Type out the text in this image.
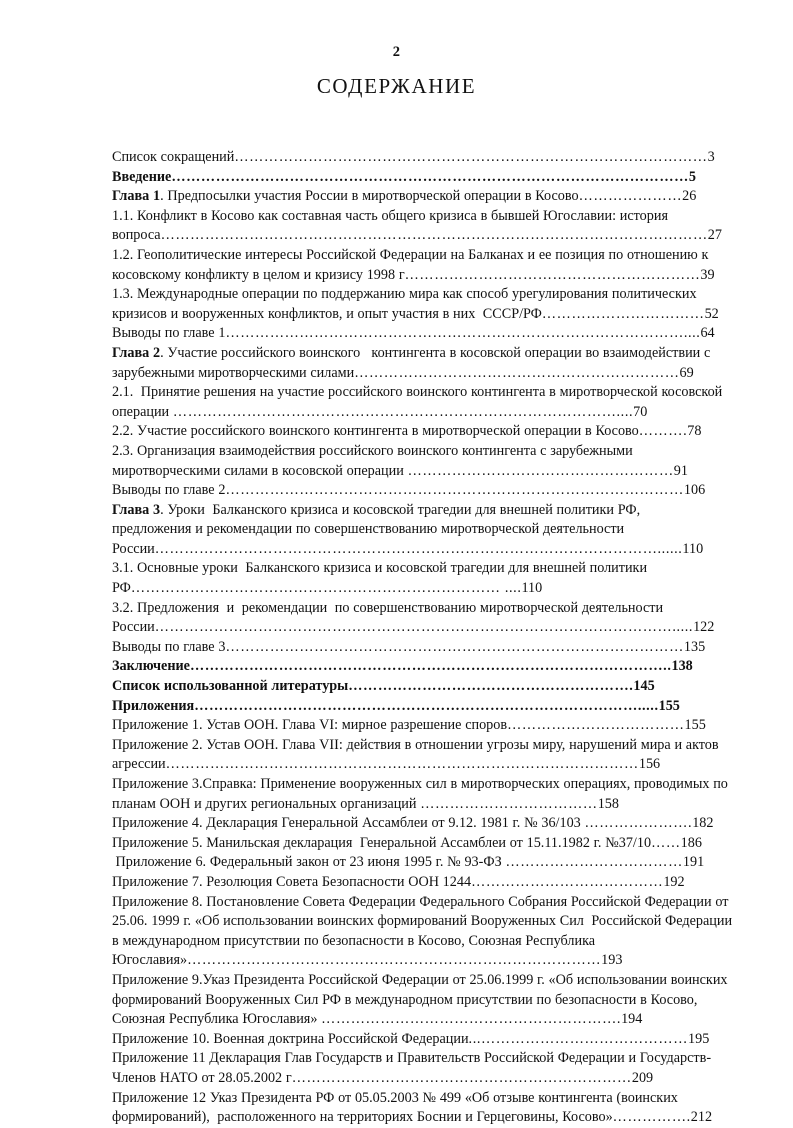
2
СОДЕРЖАНИЕ

Список сокращений……………………………………………………………………………………3

Введение……………………………………………………………………………………………5

Глава 1. Предпосылки участия России в миротворческой операции в Косово…………………26

1.1. Конфликт в Косово как составная часть общего кризиса в бывшей Югославии: история вопроса…………………………………………………………………………………………………27

1.2. Геополитические интересы Российской Федерации на Балканах и ее позиция по отношению к косовскому конфликту в целом и кризису 1998 г……………………………………………………39

1.3. Международные операции по поддержанию мира как способ урегулирования политических кризисов и вооруженных конфликтов, и опыт участия в них  СССР/РФ……………………………52

Выводы по главе 1…………………………………………………………………………………....64

Глава 2. Участие российского воинского   контингента в косовской операции во взаимодействии с зарубежными миротворческими силами…………………………………………………………69

2.1.  Принятие решения на участие российского воинского контингента в миротворческой косовской операции ………………………………………………………………………………....70

2.2. Участие российского воинского контингента в миротворческой операции в Косово……….78

2.3. Организация взаимодействия российского воинского контингента с зарубежными миротворческими силами в косовской операции ………………………………………………91

Выводы по главе 2…………………………………………………………………………………106

Глава 3. Уроки  Балканского кризиса и косовской трагедии для внешней политики РФ,

предложения и рекомендации по совершенствованию миротворческой деятельности России…………………………………………………………………………………………......110

3.1. Основные уроки  Балканского кризиса и косовской трагедии для внешней политики РФ………………………………………………………………… ....110

3.2. Предложения  и  рекомендации  по совершенствованию миротворческой деятельности России…………………………………………………………………………………………….....122

Выводы по главе 3…………………………………………………………………………………135

Заключение……………………………………………………………………………………..138

Список использованной литературы………………………………………………….145

Приложения……………………………………………………………………………….....155

Приложение 1. Устав ООН. Глава VI: мирное разрешение споров………………………………155

Приложение 2. Устав ООН. Глава VII: действия в отношении угрозы миру, нарушений мира и актов агрессии……………………………………………………………………………………156

Приложение 3.Справка: Применение вооруженных сил в миротворческих операциях, проводимых по планам ООН и других региональных организаций ………………………………158

Приложение 4. Декларация Генеральной Ассамблеи от 9.12. 1981 г. № 36/103 ………………….182

Приложение 5. Манильская декларация  Генеральной Ассамблеи от 15.11.1982 г. №37/10……186

Приложение 6. Федеральный закон от 23 июня 1995 г. № 93-ФЗ ………………………………191

Приложение 7. Резолюция Совета Безопасности ООН 1244…………………………………192

Приложение 8. Постановление Совета Федерации Федерального Собрания Российской Федерации от 25.06. 1999 г. «Об использовании воинских формирований Вооруженных Сил  Российской Федерации в международном присутствии по безопасности в Косово, Союзная Республика Югославия»…………………………………………………………………………193

Приложение 9.Указ Президента Российской Федерации от 25.06.1999 г. «Об использовании воинских формирований Вооруженных Сил РФ в международном присутствии по безопасности в Косово, Союзная Республика Югославия» …………………………………………………….194

Приложение 10. Военная доктрина Российской Федерации...……………………………………195

Приложение 11 Декларация Глав Государств и Правительств Российской Федерации и Государств-Членов НАТО от 28.05.2002 г……………………………………………………………209

Приложение 12 Указ Президента РФ от 05.05.2003 № 499 «Об отзыве контингента (воинских формирований),  расположенного на территориях Боснии и Герцеговины, Косово»…………….212
